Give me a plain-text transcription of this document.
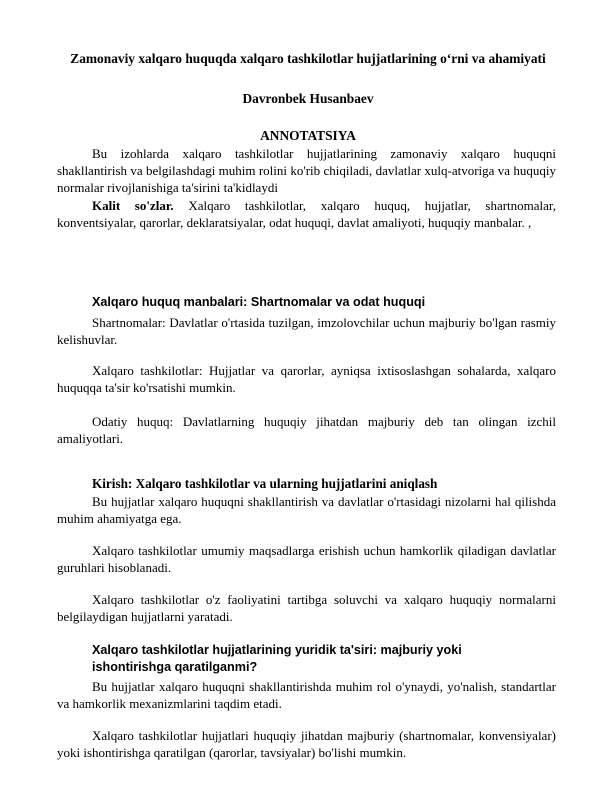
Zamonaviy xalqaro huquqda xalqaro tashkilotlar hujjatlarining o‘rni va ahamiyati
Davronbek Husanbaev
ANNOTATSIYA

Bu izohlarda xalqaro tashkilotlar hujjatlarining zamonaviy xalqaro huquqni shakllantirish va belgilashdagi muhim rolini ko'rib chiqiladi, davlatlar xulq-atvoriga va huquqiy normalar rivojlanishiga ta'sirini ta'kidlaydi

Kalit so'zlar. Xalqaro tashkilotlar, xalqaro huquq, hujjatlar, shartnomalar, konventsiyalar, qarorlar, deklaratsiyalar, odat huquqi, davlat amaliyoti, huquqiy manbalar. ,

Xalqaro huquq manbalari: Shartnomalar va odat huquqi

Shartnomalar: Davlatlar o'rtasida tuzilgan, imzolovchilar uchun majburiy bo'lgan rasmiy kelishuvlar.

Xalqaro tashkilotlar: Hujjatlar va qarorlar, ayniqsa ixtisoslashgan sohalarda, xalqaro huquqqa ta'sir ko'rsatishi mumkin.

Odatiy huquq: Davlatlarning huquqiy jihatdan majburiy deb tan olingan izchil amaliyotlari.

Kirish: Xalqaro tashkilotlar va ularning hujjatlarini aniqlash

Bu hujjatlar xalqaro huquqni shakllantirish va davlatlar o'rtasidagi nizolarni hal qilishda muhim ahamiyatga ega.

Xalqaro tashkilotlar umumiy maqsadlarga erishish uchun hamkorlik qiladigan davlatlar guruhlari hisoblanadi.

Xalqaro tashkilotlar o'z faoliyatini tartibga soluvchi va xalqaro huquqiy normalarni belgilaydigan hujjatlarni yaratadi.

Xalqaro tashkilotlar hujjatlarining yuridik ta'siri: majburiy yoki
ishontirishga qaratilganmi?

Bu hujjatlar xalqaro huquqni shakllantirishda muhim rol o'ynaydi, yo'nalish, standartlar va hamkorlik mexanizmlarini taqdim etadi.

Xalqaro tashkilotlar hujjatlari huquqiy jihatdan majburiy (shartnomalar, konvensiyalar) yoki ishontirishga qaratilgan (qarorlar, tavsiyalar) bo'lishi mumkin.
